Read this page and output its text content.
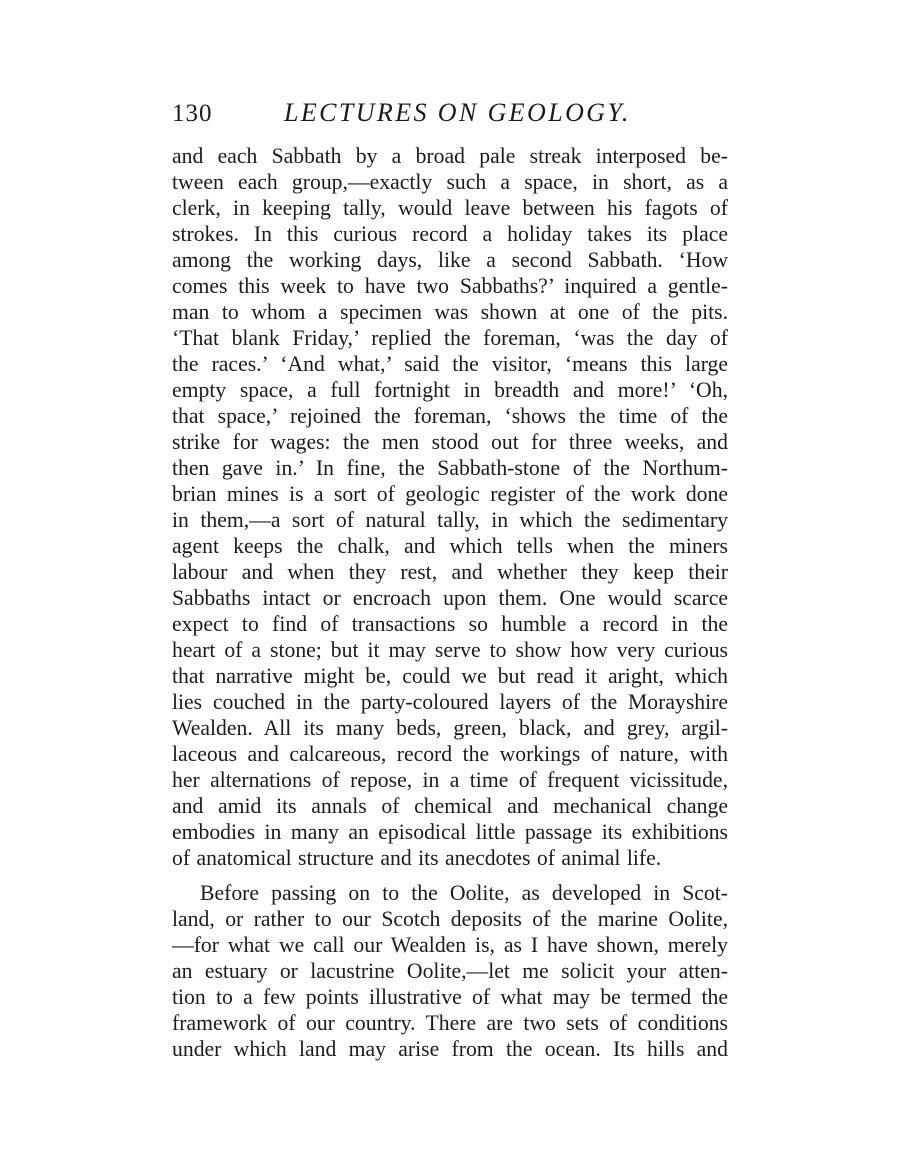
130	LECTURES ON GEOLOGY.

and each Sabbath by a broad pale streak interposed be-
tween each group,—exactly such a space, in short, as a
clerk, in keeping tally, would leave between his fagots of
strokes. In this curious record a holiday takes its place
among the working days, like a second Sabbath. ‘How
comes this week to have two Sabbaths?’ inquired a gentle-
man to whom a specimen was shown at one of the pits.
‘That blank Friday,’ replied the foreman, ‘was the day of
the races.’ ‘And what,’ said the visitor, ‘means this large
empty space, a full fortnight in breadth and more!’ ‘Oh,
that space,’ rejoined the foreman, ‘shows the time of the
strike for wages: the men stood out for three weeks, and
then gave in.’ In fine, the Sabbath-stone of the Northum-
brian mines is a sort of geologic register of the work done
in them,—a sort of natural tally, in which the sedimentary
agent keeps the chalk, and which tells when the miners
labour and when they rest, and whether they keep their
Sabbaths intact or encroach upon them. One would scarce
expect to find of transactions so humble a record in the
heart of a stone; but it may serve to show how very curious
that narrative might be, could we but read it aright, which
lies couched in the party-coloured layers of the Morayshire
Wealden. All its many beds, green, black, and grey, argil-
laceous and calcareous, record the workings of nature, with
her alternations of repose, in a time of frequent vicissitude,
and amid its annals of chemical and mechanical change
embodies in many an episodical little passage its exhibitions
of anatomical structure and its anecdotes of animal life.

Before passing on to the Oolite, as developed in Scot-
land, or rather to our Scotch deposits of the marine Oolite,
—for what we call our Wealden is, as I have shown, merely
an estuary or lacustrine Oolite,—let me solicit your atten-
tion to a few points illustrative of what may be termed the
framework of our country. There are two sets of conditions
under which land may arise from the ocean. Its hills and
